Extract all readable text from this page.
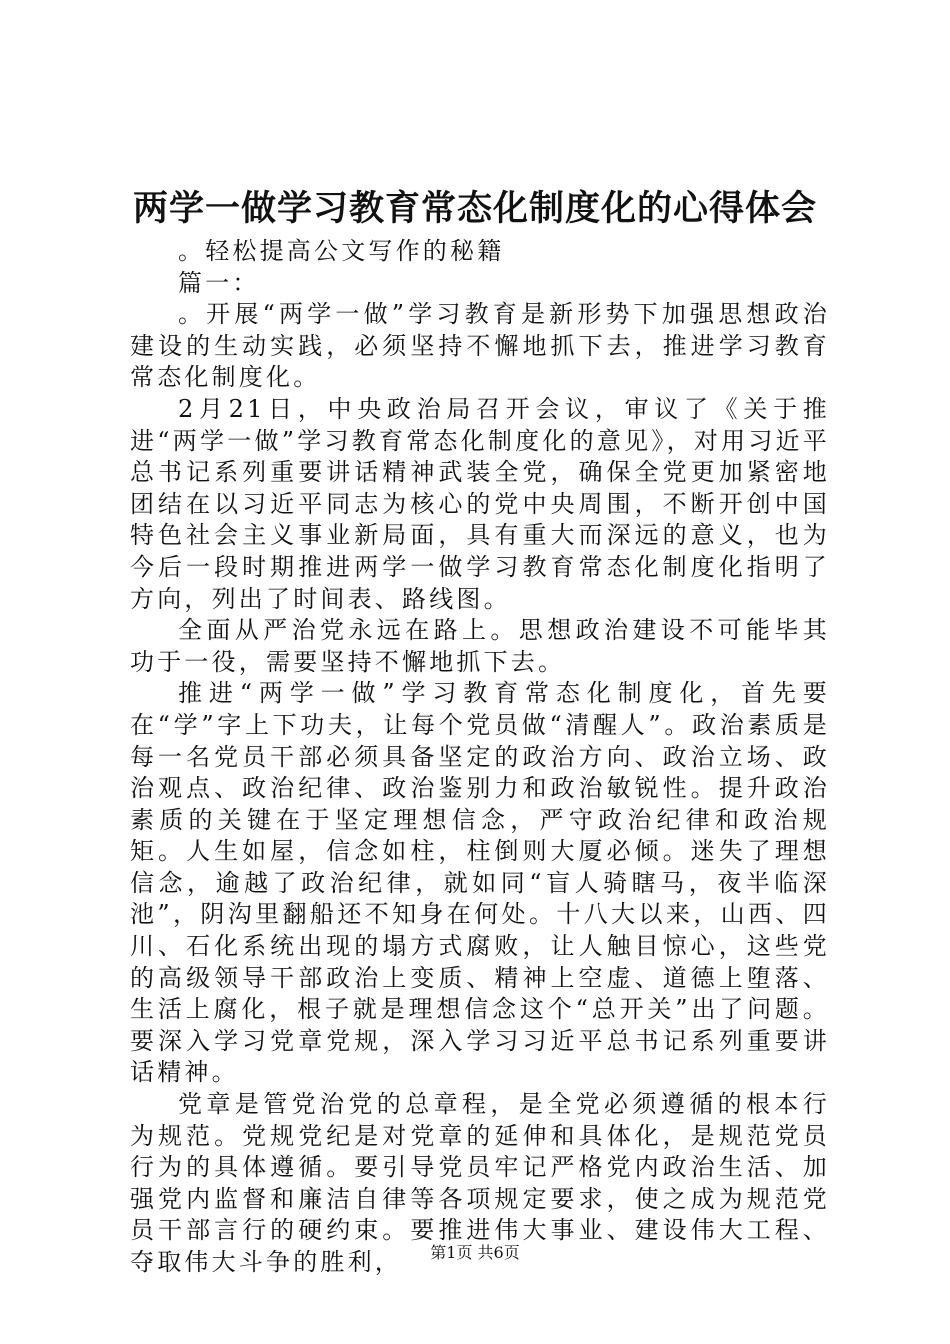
两学一做学习教育常态化制度化的心得体会

。轻松提高公文写作的秘籍

篇一：

。开展“两学一做”学习教育是新形势下加强思想政治建设的生动实践，必须坚持不懈地抓下去，推进学习教育常态化制度化。

2月21日，中央政治局召开会议，审议了《关于推进“两学一做”学习教育常态化制度化的意见》，对用习近平总书记系列重要讲话精神武装全党，确保全党更加紧密地团结在以习近平同志为核心的党中央周围，不断开创中国特色社会主义事业新局面，具有重大而深远的意义，也为今后一段时期推进两学一做学习教育常态化制度化指明了方向，列出了时间表、路线图。

全面从严治党永远在路上。思想政治建设不可能毕其功于一役，需要坚持不懈地抓下去。

推进“两学一做”学习教育常态化制度化，首先要在“学”字上下功夫，让每个党员做“清醒人”。政治素质是每一名党员干部必须具备坚定的政治方向、政治立场、政治观点、政治纪律、政治鉴别力和政治敏锐性。提升政治素质的关键在于坚定理想信念，严守政治纪律和政治规矩。人生如屋，信念如柱，柱倒则大厦必倾。迷失了理想信念，逾越了政治纪律，就如同“盲人骑瞎马，夜半临深池”，阴沟里翻船还不知身在何处。十八大以来，山西、四川、石化系统出现的塌方式腐败，让人触目惊心，这些党的高级领导干部政治上变质、精神上空虚、道德上堕落、生活上腐化，根子就是理想信念这个“总开关”出了问题。要深入学习党章党规，深入学习习近平总书记系列重要讲话精神。

党章是管党治党的总章程，是全党必须遵循的根本行为规范。党规党纪是对党章的延伸和具体化，是规范党员行为的具体遵循。要引导党员牢记严格党内政治生活、加强党内监督和廉洁自律等各项规定要求，使之成为规范党员干部言行的硬约束。要推进伟大事业、建设伟大工程、夺取伟大斗争的胜利，	第1页 共6页
